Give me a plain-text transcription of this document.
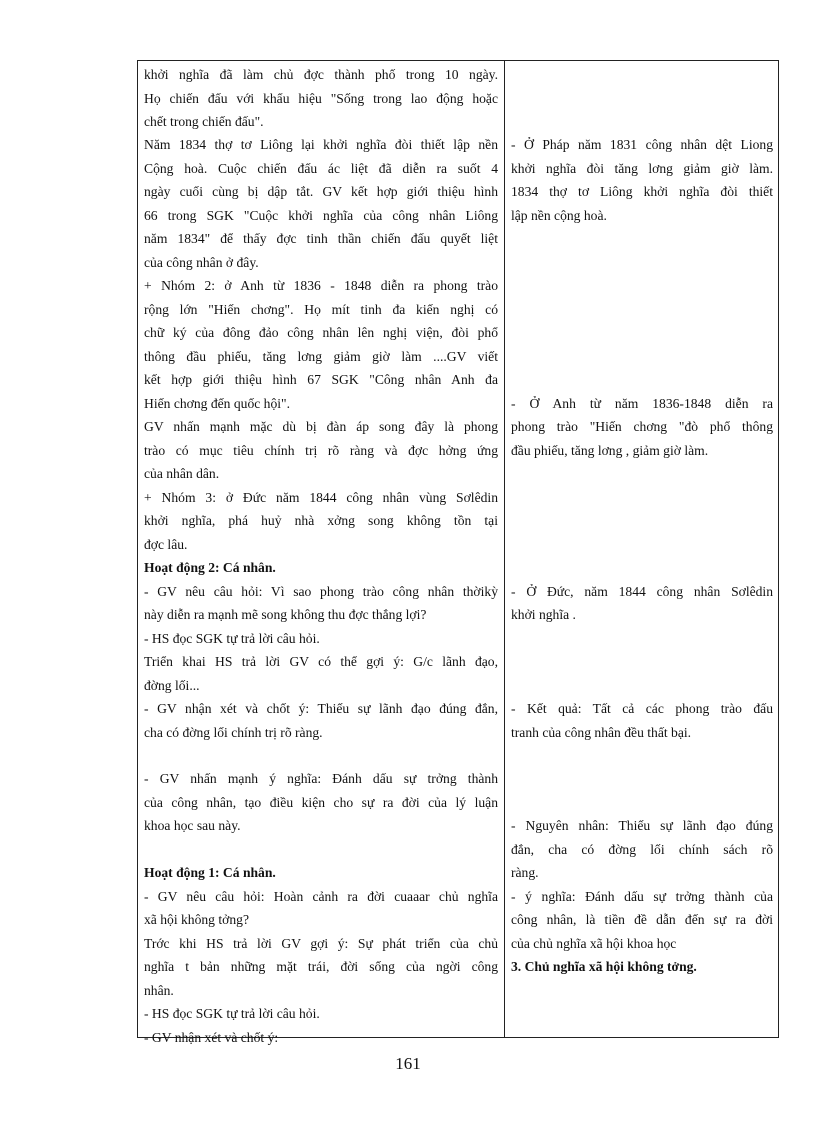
khởi nghĩa đã làm chủ đợc thành phố trong 10 ngày.
Họ chiến đấu với khẩu hiệu "Sống trong lao động hoặc
chết trong chiến đấu".
Năm 1834 thợ tơ Liông lại khởi nghĩa đòi thiết lập nền
Cộng hoà. Cuộc chiến đấu ác liệt đã diễn ra suốt 4
ngày cuối cùng bị dập tắt. GV kết hợp giới thiệu hình
66 trong SGK "Cuộc khởi nghĩa của công nhân Liông
năm 1834" để thấy đợc tinh thần chiến đấu quyết liệt
của công nhân ở đây.
+ Nhóm 2: ở Anh từ 1836 - 1848 diễn ra phong trào
rộng lớn "Hiến chơng". Họ mít tinh đa kiến nghị có
chữ ký của đông đảo công nhân lên nghị viện, đòi phổ
thông đầu phiếu, tăng lơng giảm giờ làm ....GV viết
kết hợp giới thiệu hình 67 SGK "Công nhân Anh đa
Hiến chơng đến quốc hội".
GV nhấn mạnh mặc dù bị đàn áp song đây là phong
trào có mục tiêu chính trị rõ ràng và đợc hởng ứng
của nhân dân.
+ Nhóm 3: ở Đức năm 1844 công nhân vùng Sơlêdin
khởi nghĩa, phá huỷ nhà xởng song không tồn tại
đợc lâu.
Hoạt động 2: Cá nhân.
- GV nêu câu hỏi: Vì sao phong trào công nhân thờikỳ
này diễn ra mạnh mẽ song không thu đợc thắng lợi?
- HS đọc SGK tự trả lời câu hỏi.
Triển khai HS trả lời GV có thể gợi ý: G/c lãnh đạo,
đờng lối...
- GV nhận xét và chốt ý: Thiếu sự lãnh đạo đúng đắn,
cha có đờng lối chính trị rõ ràng.
- GV nhấn mạnh ý nghĩa: Đánh dấu sự trởng thành
của công nhân, tạo điều kiện cho sự ra đời của lý luận
khoa học sau này.
Hoạt động 1: Cá nhân.
- GV nêu câu hỏi: Hoàn cảnh ra đời cuaaar chủ nghĩa
xã hội không tởng?
Trớc khi HS trả lời GV gợi ý: Sự phát triển của chủ
nghĩa t bản những mặt trái, đời sống của ngời công
nhân.
- HS đọc SGK tự trả lời câu hỏi.
- GV nhận xét và chốt ý:
- Ở Pháp năm 1831 công nhân dệt Liong
khởi nghĩa đòi tăng lơng giảm giờ làm.
1834 thợ tơ Liông khởi nghĩa đòi thiết
lập nền cộng hoà.
- Ở Anh từ năm 1836-1848 diễn ra
phong trào "Hiến chơng "đò phổ thông
đầu phiếu, tăng lơng , giảm giờ làm.
- Ở Đức, năm 1844 công nhân Sơlêdin
khởi nghĩa .
- Kết quả: Tất cả các phong trào đấu
tranh của công nhân đều thất bại.
- Nguyên nhân: Thiếu sự lãnh đạo đúng
đắn, cha có đờng lối chính sách rõ
ràng.
- ý nghĩa: Đánh dấu sự trởng thành của
công nhân, là tiền đề dẫn đến sự ra đời
của chủ nghĩa xã hội khoa học
3. Chủ nghĩa xã hội không tởng.
161
